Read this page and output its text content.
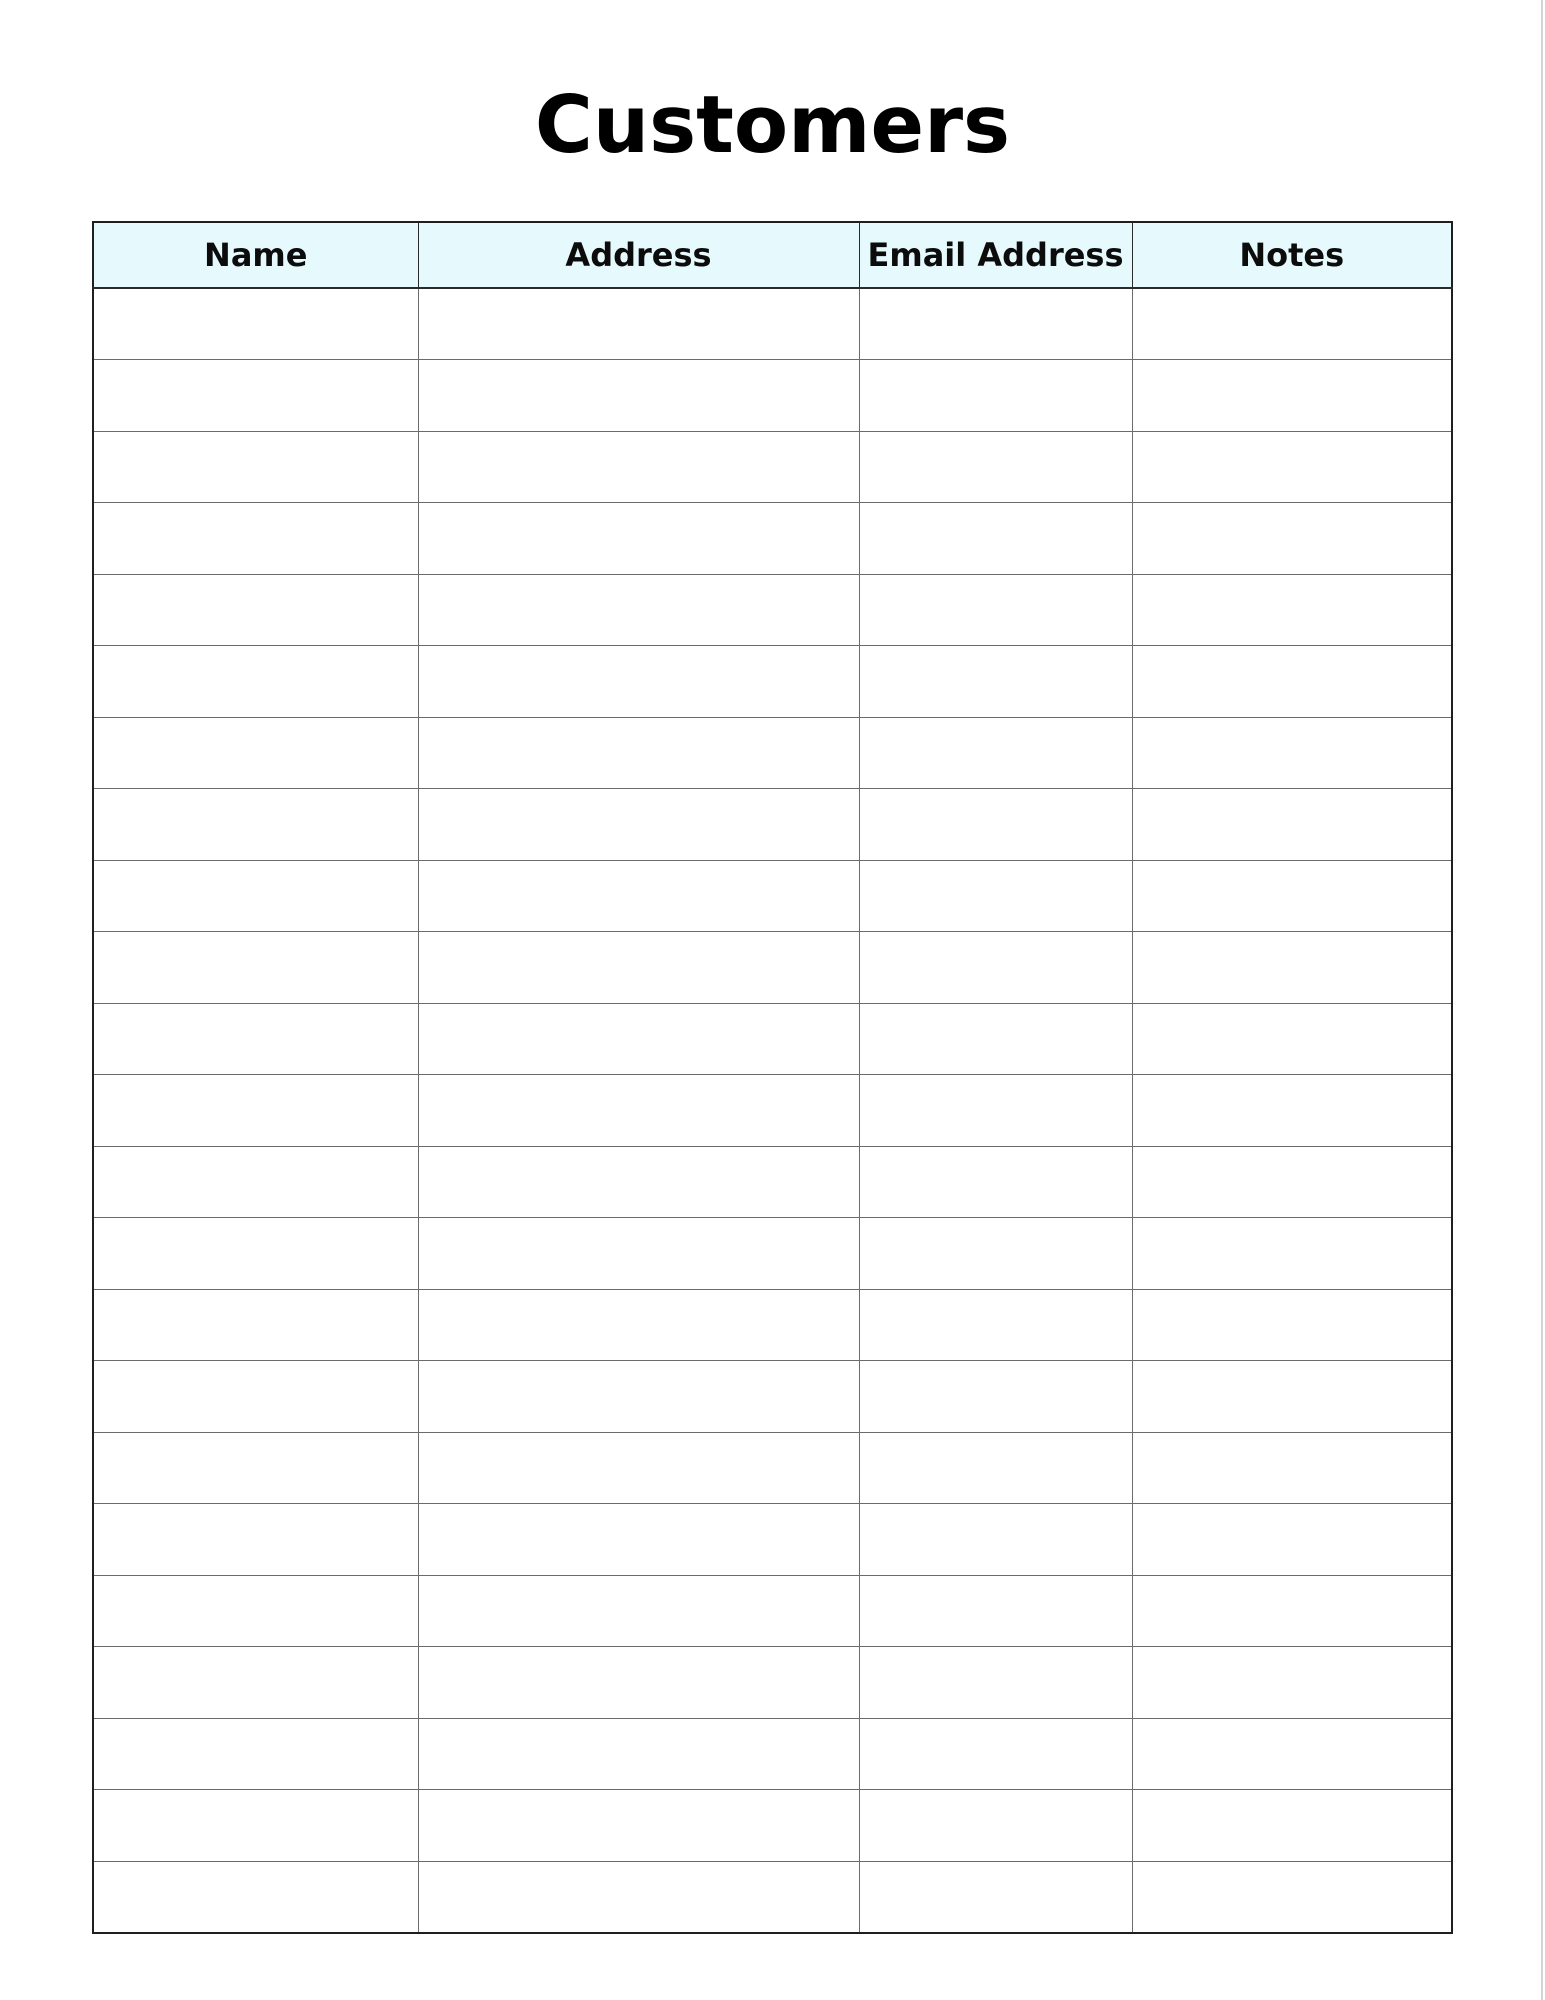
Customers
Name	Address	Email Address	Notes
